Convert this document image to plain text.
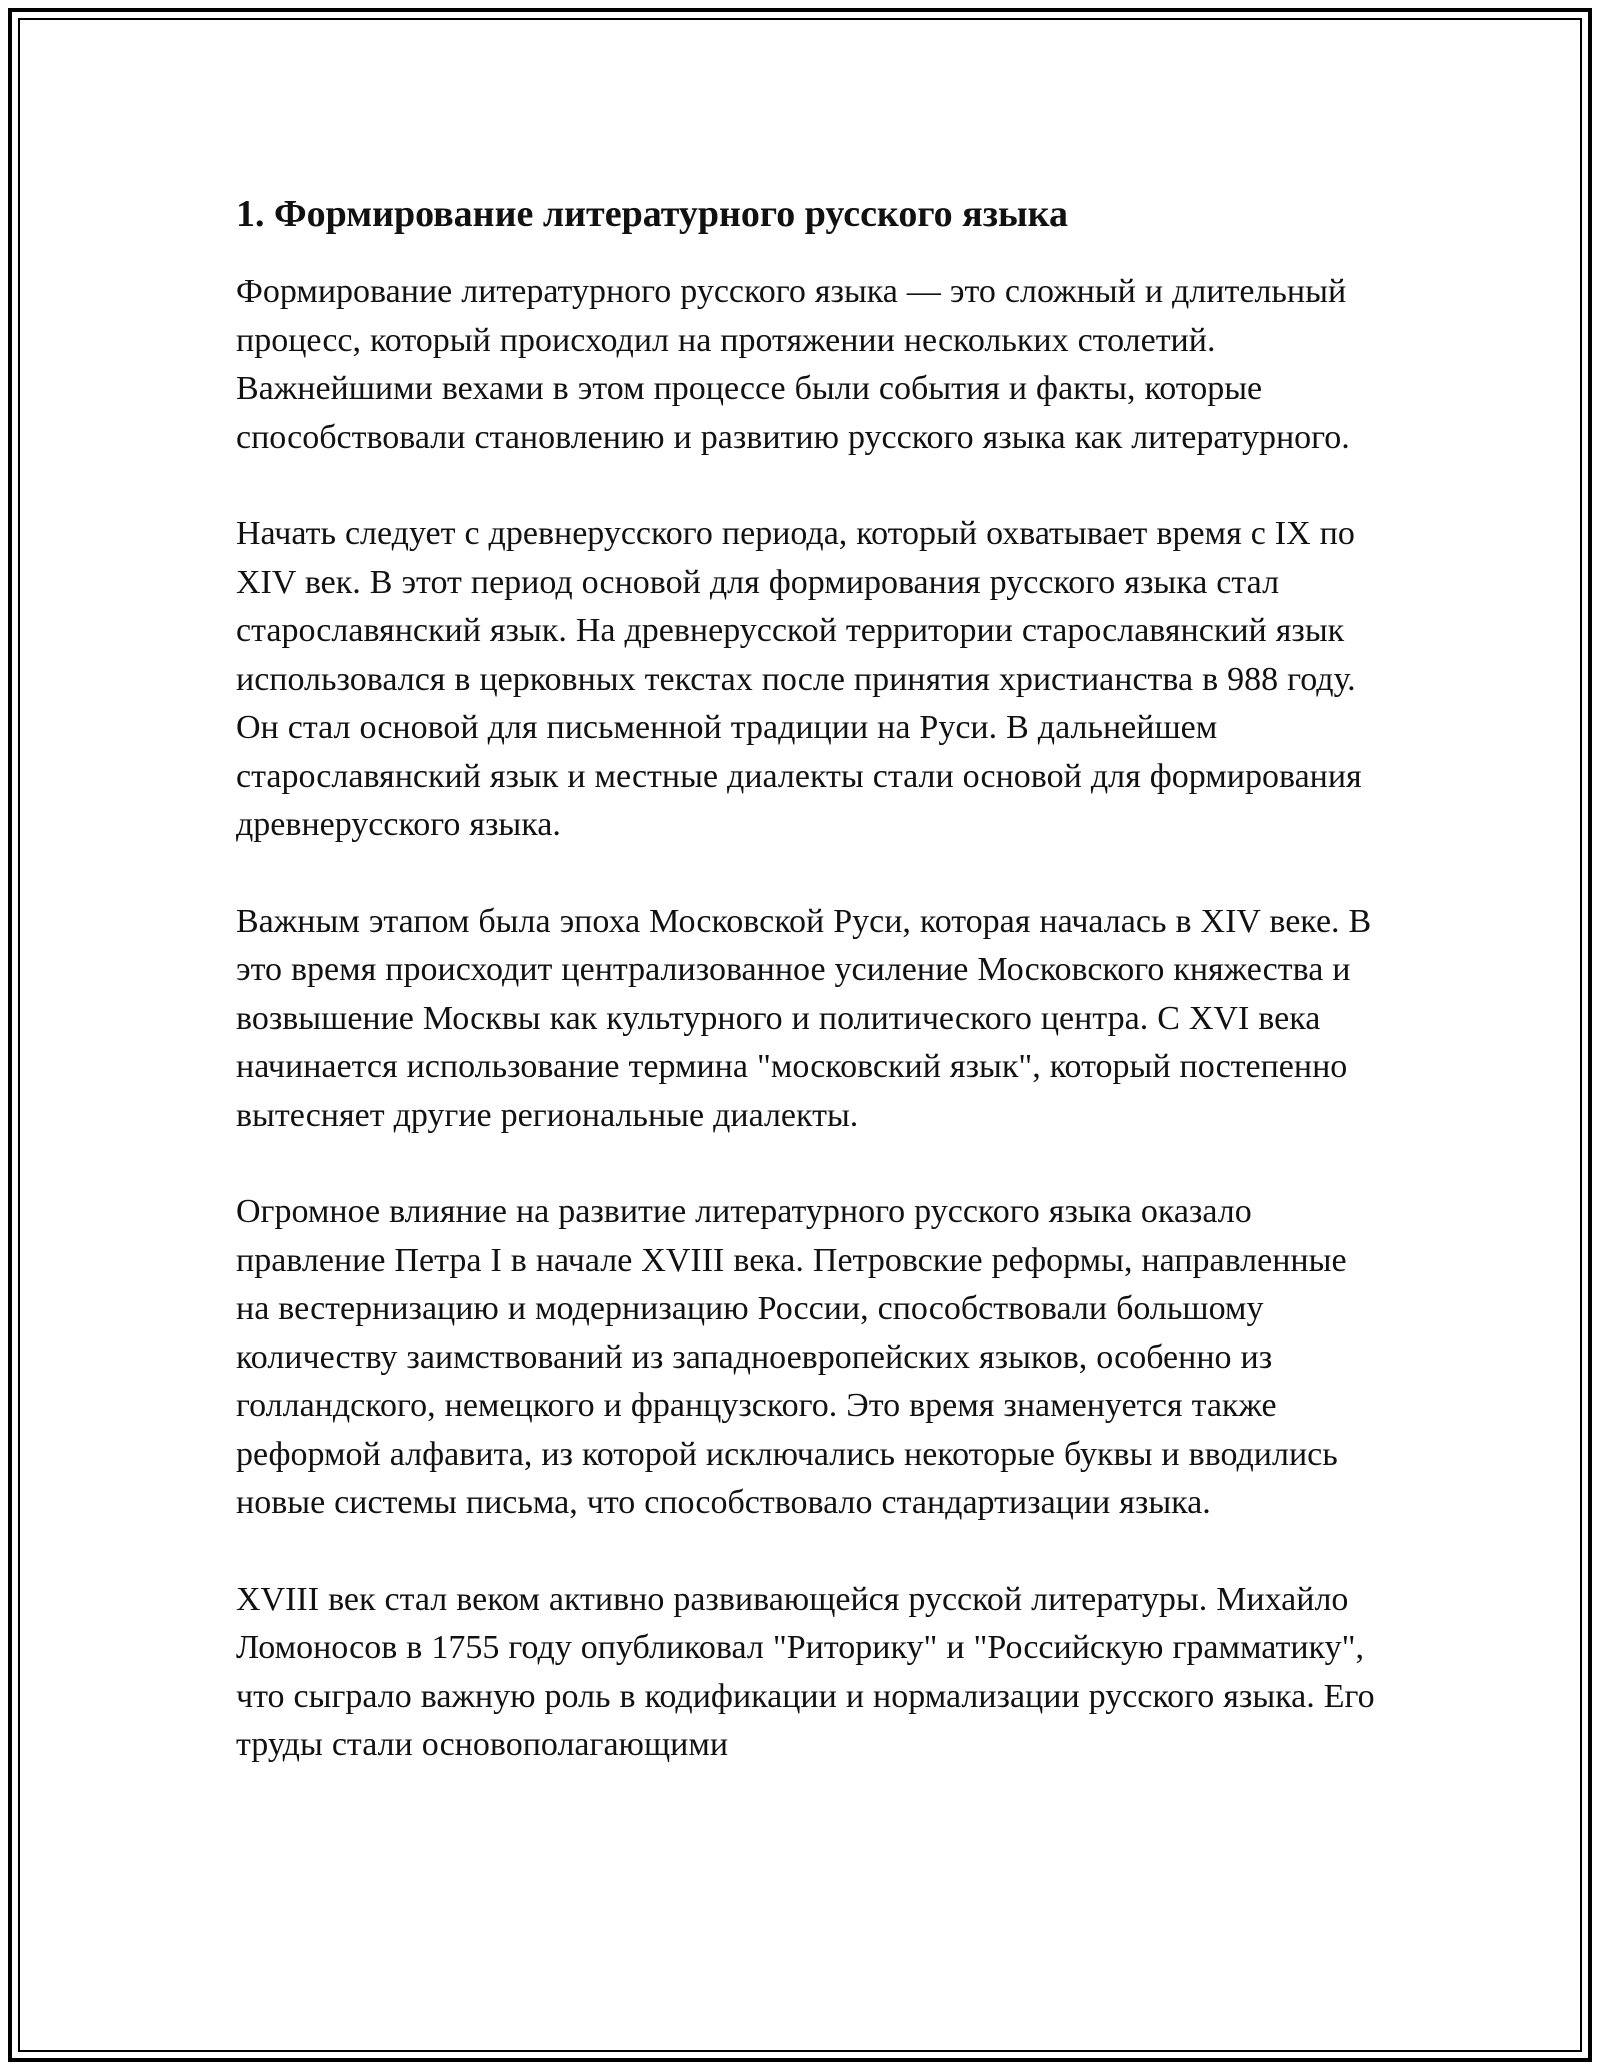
1. Формирование литературного русского языка

Формирование литературного русского языка — это сложный и длительный процесс, который происходил на протяжении нескольких столетий. Важнейшими вехами в этом процессе были события и факты, которые способствовали становлению и развитию русского языка как литературного.

Начать следует с древнерусского периода, который охватывает время с IX по XIV век. В этот период основой для формирования русского языка стал старославянский язык. На древнерусской территории старославянский язык использовался в церковных текстах после принятия христианства в 988 году. Он стал основой для письменной традиции на Руси. В дальнейшем старославянский язык и местные диалекты стали основой для формирования древнерусского языка.

Важным этапом была эпоха Московской Руси, которая началась в XIV веке. В это время происходит централизованное усиление Московского княжества и возвышение Москвы как культурного и политического центра. С XVI века начинается использование термина "московский язык", который постепенно вытесняет другие региональные диалекты.

Огромное влияние на развитие литературного русского языка оказало правление Петра I в начале XVIII века. Петровские реформы, направленные на вестернизацию и модернизацию России, способствовали большому количеству заимствований из западноевропейских языков, особенно из голландского, немецкого и французского. Это время знаменуется также реформой алфавита, из которой исключались некоторые буквы и вводились новые системы письма, что способствовало стандартизации языка.

XVIII век стал веком активно развивающейся русской литературы. Михайло Ломоносов в 1755 году опубликовал "Риторику" и "Российскую грамматику", что сыграло важную роль в кодификации и нормализации русского языка. Его труды стали основополагающими
